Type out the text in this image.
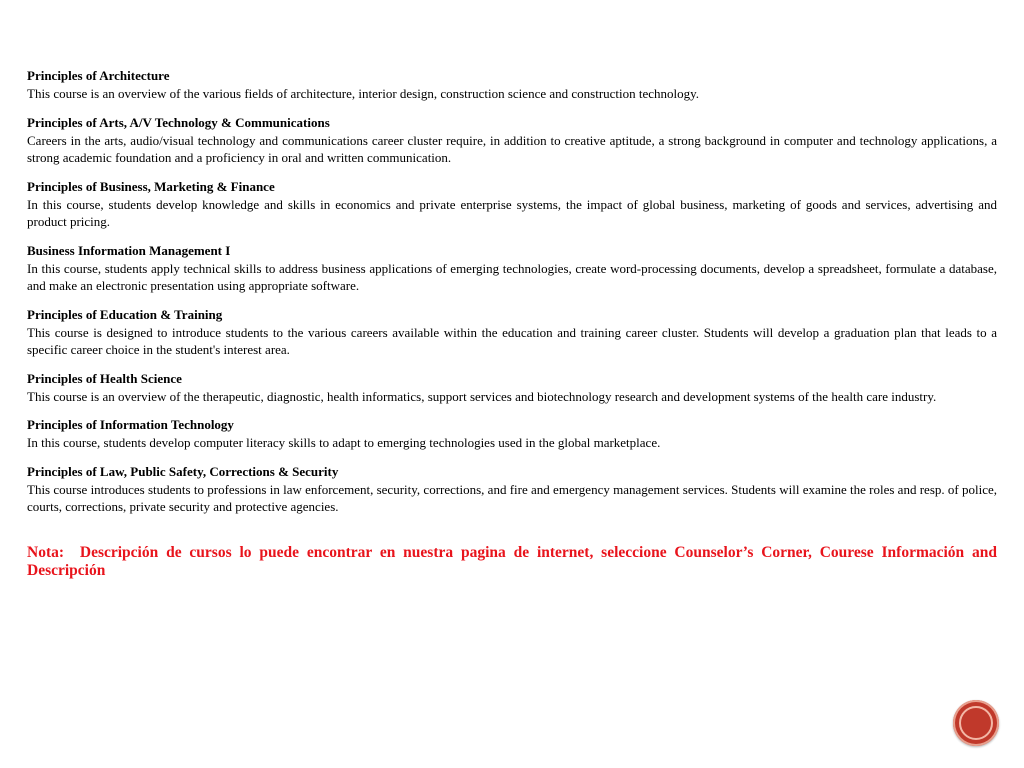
Principles of Architecture
This course is an overview of the various fields of architecture, interior design, construction science and construction technology.
Principles of Arts, A/V Technology & Communications
Careers in the arts, audio/visual technology and communications career cluster require, in addition to creative aptitude, a strong background in computer and technology applications, a strong academic foundation and a proficiency in oral and written communication.
Principles of Business, Marketing & Finance
In this course, students develop knowledge and skills in economics and private enterprise systems, the impact of global business, marketing of goods and services, advertising and product pricing.
Business Information Management I
In this course, students apply technical skills to address business applications of emerging technologies, create word-processing documents, develop a spreadsheet, formulate a database, and make an electronic presentation using appropriate software.
Principles of Education & Training
This course is designed to introduce students to the various careers available within the education and training career cluster. Students will develop a graduation plan that leads to a specific career choice in the student's interest area.
Principles of Health Science
This course is an overview of the therapeutic, diagnostic, health informatics, support services and biotechnology research and development systems of the health care industry.
Principles of Information Technology
In this course, students develop computer literacy skills to adapt to emerging technologies used in the global marketplace.
Principles of Law, Public Safety, Corrections & Security
This course introduces students to professions in law enforcement, security, corrections, and fire and emergency management services. Students will examine the roles and resp. of police, courts, corrections, private security and protective agencies.
Nota: Descripción de cursos lo puede encontrar en nuestra pagina de internet, seleccione Counselor’s Corner, Courese Información and Descripción
